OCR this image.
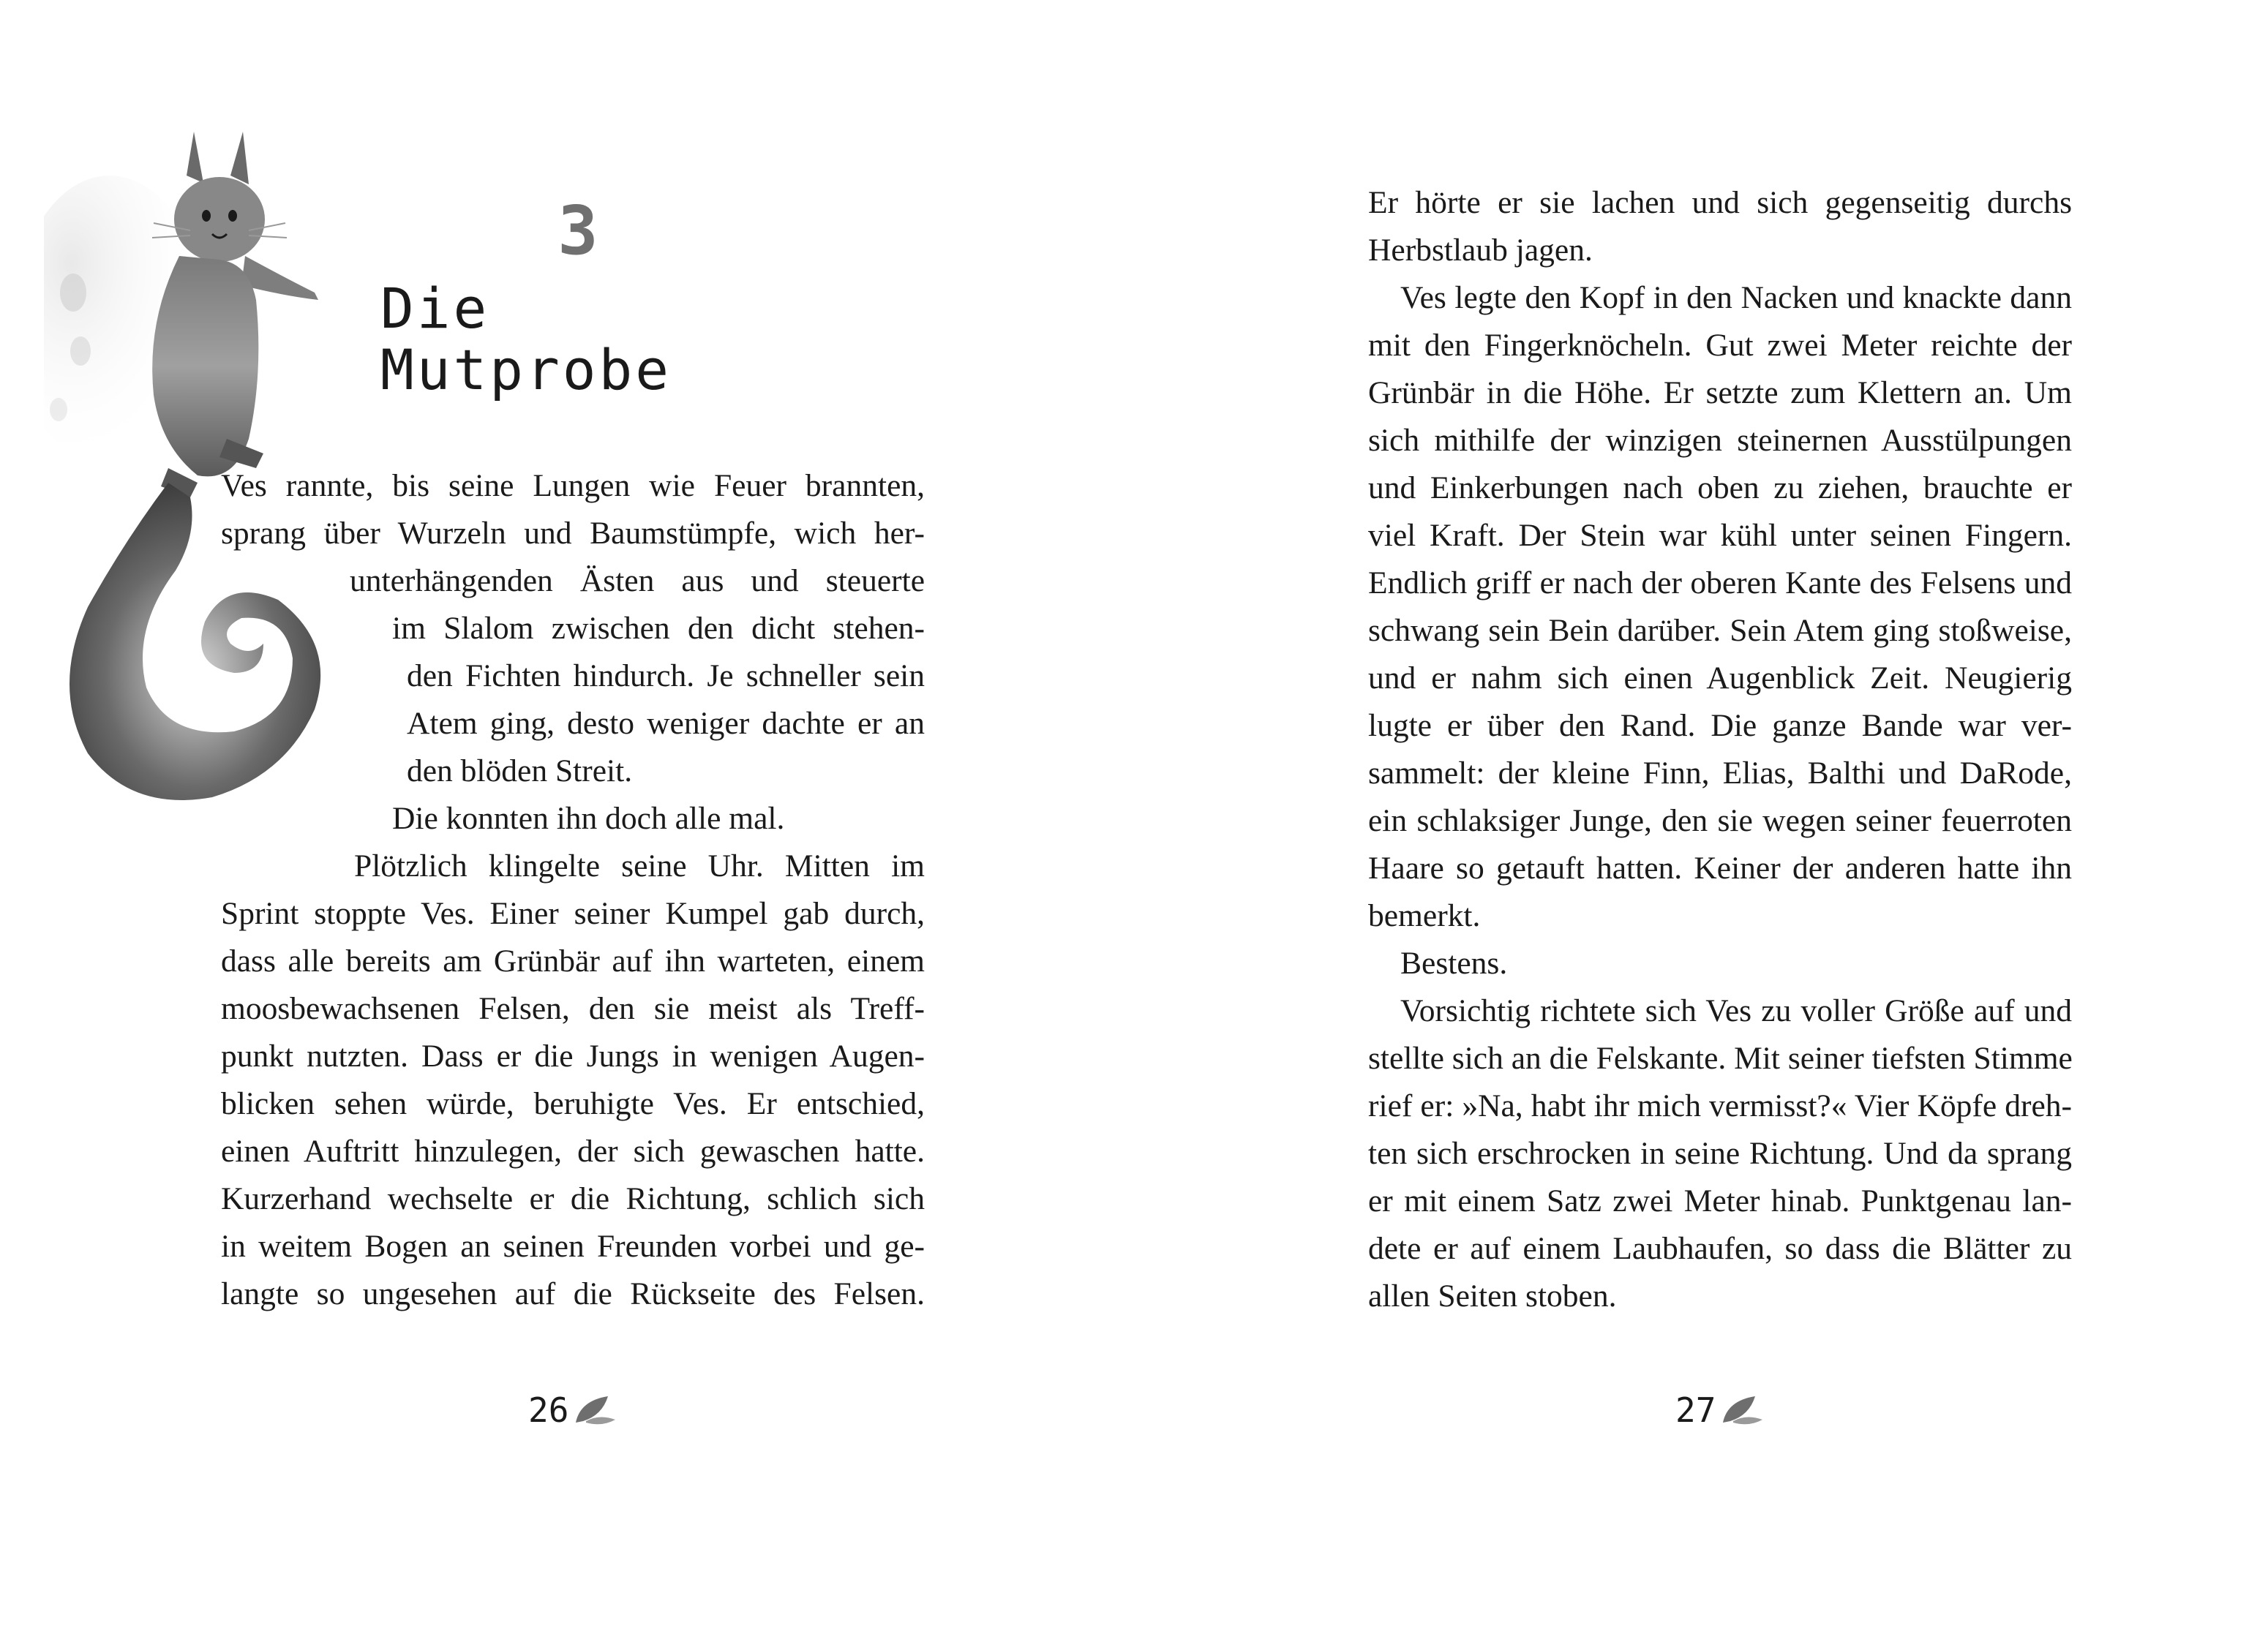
3
Die Mutprobe
Ves rannte, bis seine Lungen wie Feuer brannten,
sprang über Wurzeln und Baumstümpfe, wich her-
unterhängenden Ästen aus und steuerte
im Slalom zwischen den dicht stehen-
den Fichten hindurch. Je schneller sein
Atem ging, desto weniger dachte er an
den blöden Streit.
Die konnten ihn doch alle mal.
Plötzlich klingelte seine Uhr. Mitten im
Sprint stoppte Ves. Einer seiner Kumpel gab durch,
dass alle bereits am Grünbär auf ihn warteten, einem
moosbewachsenen Felsen, den sie meist als Treff-
punkt nutzten. Dass er die Jungs in wenigen Augen-
blicken sehen würde, beruhigte Ves. Er entschied,
einen Auftritt hinzulegen, der sich gewaschen hatte.
Kurzerhand wechselte er die Richtung, schlich sich
in weitem Bogen an seinen Freunden vorbei und ge-
langte so ungesehen auf die Rückseite des Felsen.
26
Er hörte er sie lachen und sich gegenseitig durchs
Herbstlaub jagen.
Ves legte den Kopf in den Nacken und knackte dann
mit den Fingerknöcheln. Gut zwei Meter reichte der
Grünbär in die Höhe. Er setzte zum Klettern an. Um
sich mithilfe der winzigen steinernen Ausstülpungen
und Einkerbungen nach oben zu ziehen, brauchte er
viel Kraft. Der Stein war kühl unter seinen Fingern.
Endlich griff er nach der oberen Kante des Felsens und
schwang sein Bein darüber. Sein Atem ging stoßweise,
und er nahm sich einen Augenblick Zeit. Neugierig
lugte er über den Rand. Die ganze Bande war ver-
sammelt: der kleine Finn, Elias, Balthi und DaRode,
ein schlaksiger Junge, den sie wegen seiner feuerroten
Haare so getauft hatten. Keiner der anderen hatte ihn
bemerkt.
Bestens.
Vorsichtig richtete sich Ves zu voller Größe auf und
stellte sich an die Felskante. Mit seiner tiefsten Stimme
rief er: »Na, habt ihr mich vermisst?« Vier Köpfe dreh-
ten sich erschrocken in seine Richtung. Und da sprang
er mit einem Satz zwei Meter hinab. Punktgenau lan-
dete er auf einem Laubhaufen, so dass die Blätter zu
allen Seiten stoben.
27
